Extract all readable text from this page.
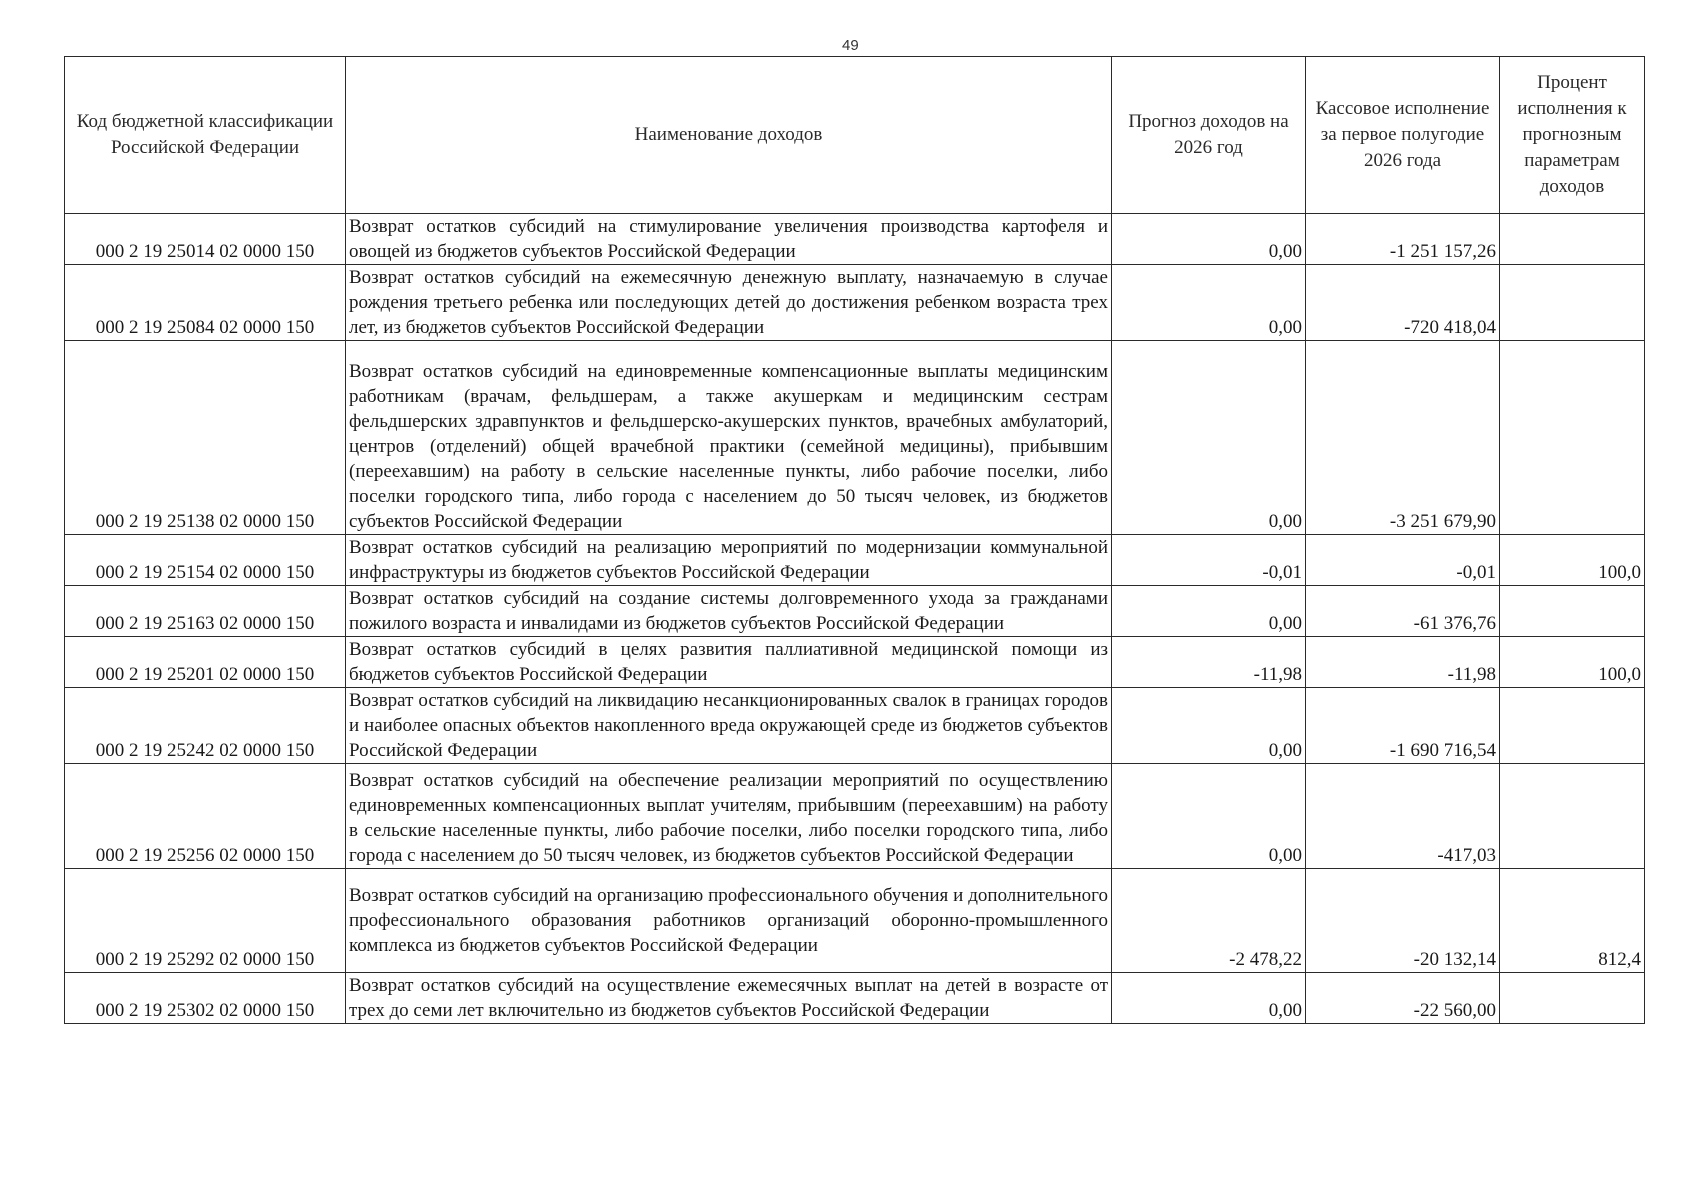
49
Код бюджетной классификации Российской Федерации	Наименование доходов	Прогноз доходов на 2026 год	Кассовое исполнение за первое полугодие 2026 года	Процент исполнения к прогнозным параметрам доходов
000 2 19 25014 02 0000 150	Возврат остатков субсидий на стимулирование увеличения производства картофеля и овощей из бюджетов субъектов Российской Федерации	0,00	-1 251 157,26	
000 2 19 25084 02 0000 150	Возврат остатков субсидий на ежемесячную денежную выплату, назначаемую в случае рождения третьего ребенка или последующих детей до достижения ребенком возраста трех лет, из бюджетов субъектов Российской Федерации	0,00	-720 418,04	
000 2 19 25138 02 0000 150	Возврат остатков субсидий на единовременные компенсационные выплаты медицинским работникам (врачам, фельдшерам, а также акушеркам и медицинским сестрам фельдшерских здравпунктов и фельдшерско-акушерских пунктов, врачебных амбулаторий, центров (отделений) общей врачебной практики (семейной медицины), прибывшим (переехавшим) на работу в сельские населенные пункты, либо рабочие поселки, либо поселки городского типа, либо города с населением до 50 тысяч человек, из бюджетов субъектов Российской Федерации	0,00	-3 251 679,90	
000 2 19 25154 02 0000 150	Возврат остатков субсидий на реализацию мероприятий по модернизации коммунальной инфраструктуры из бюджетов субъектов Российской Федерации	-0,01	-0,01	100,0
000 2 19 25163 02 0000 150	Возврат остатков субсидий на создание системы долговременного ухода за гражданами пожилого возраста и инвалидами из бюджетов субъектов Российской Федерации	0,00	-61 376,76	
000 2 19 25201 02 0000 150	Возврат остатков субсидий в целях развития паллиативной медицинской помощи из бюджетов субъектов Российской Федерации	-11,98	-11,98	100,0
000 2 19 25242 02 0000 150	Возврат остатков субсидий на ликвидацию несанкционированных свалок в границах городов и наиболее опасных объектов накопленного вреда окружающей среде из бюджетов субъектов Российской Федерации	0,00	-1 690 716,54	
000 2 19 25256 02 0000 150	Возврат остатков субсидий на обеспечение реализации мероприятий по осуществлению единовременных компенсационных выплат учителям, прибывшим (переехавшим) на работу в сельские населенные пункты, либо рабочие поселки, либо поселки городского типа, либо города с населением до 50 тысяч человек, из бюджетов субъектов Российской Федерации	0,00	-417,03	
000 2 19 25292 02 0000 150	Возврат остатков субсидий на организацию профессионального обучения и дополнительного профессионального образования работников организаций оборонно-промышленного комплекса из бюджетов субъектов Российской Федерации	-2 478,22	-20 132,14	812,4
000 2 19 25302 02 0000 150	Возврат остатков субсидий на осуществление ежемесячных выплат на детей в возрасте от трех до семи лет включительно из бюджетов субъектов Российской Федерации	0,00	-22 560,00	
